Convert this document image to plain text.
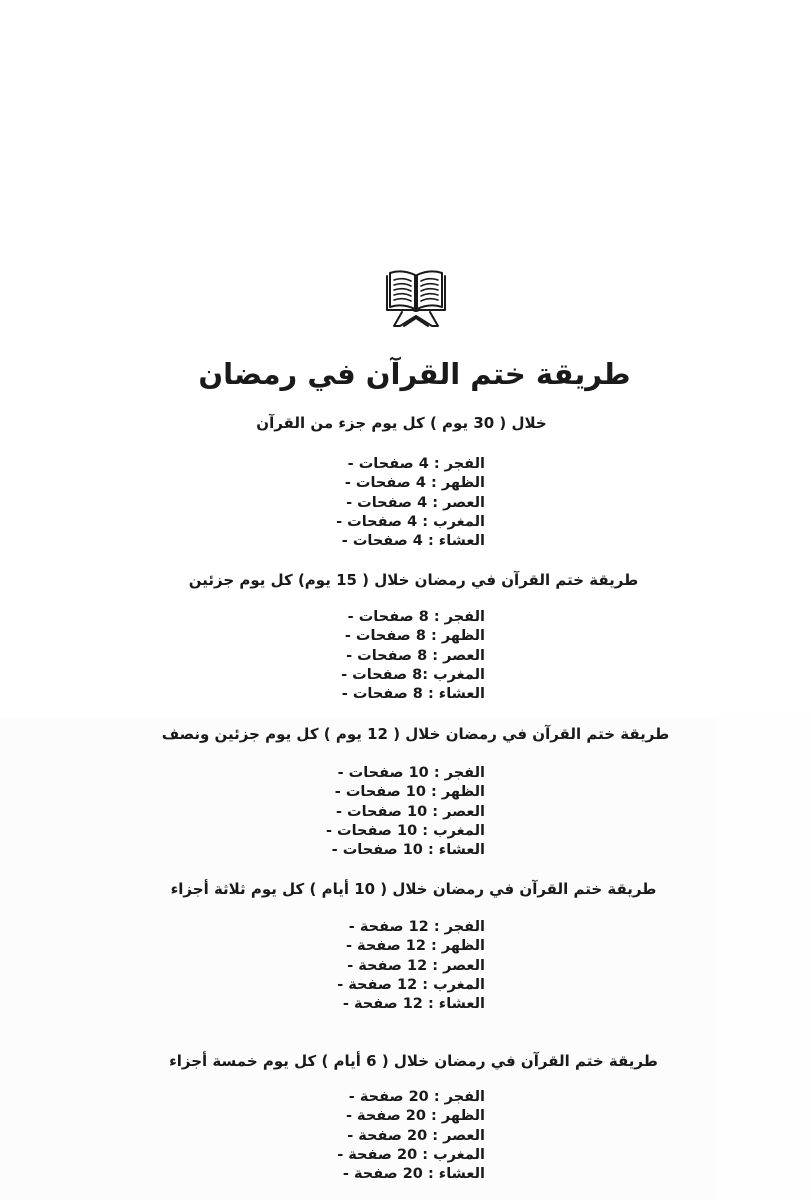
طريقة ختم القرآن في رمضان
خلال ( 30 يوم ) كل يوم جزء من القرآن
الفجر : 4 صفحات -
الظهر : 4 صفحات -
العصر : 4 صفحات -
المغرب : 4 صفحات -
العشاء : 4 صفحات -
طريقة ختم القرآن في رمضان خلال ( 15 يوم) كل يوم جزئين
الفجر : 8 صفحات -
الظهر : 8 صفحات -
العصر : 8 صفحات -
المغرب :8 صفحات -
العشاء : 8 صفحات -
طريقة ختم القرآن في رمضان خلال ( 12 يوم ) كل يوم جزئين ونصف
الفجر : 10 صفحات -
الظهر : 10 صفحات -
العصر : 10 صفحات -
المغرب : 10 صفحات -
العشاء : 10 صفحات -
طريقة ختم القرآن في رمضان خلال ( 10 أيام ) كل يوم ثلاثة أجزاء
الفجر : 12 صفحة -
الظهر : 12 صفحة -
العصر : 12 صفحة -
المغرب : 12 صفحة -
العشاء : 12 صفحة -
طريقة ختم القرآن في رمضان خلال ( 6 أيام ) كل يوم خمسة أجزاء
الفجر : 20 صفحة -
الظهر : 20 صفحة -
العصر : 20 صفحة -
المغرب : 20 صفحة -
العشاء : 20 صفحة -
